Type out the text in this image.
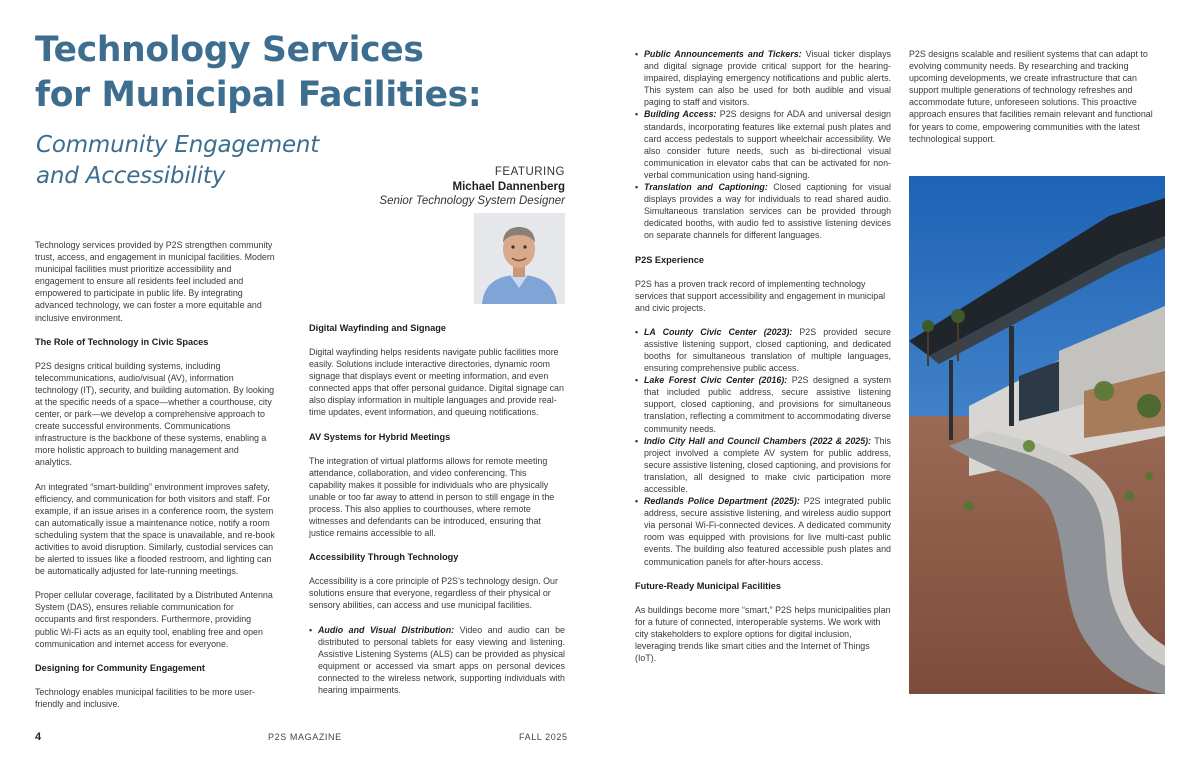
Technology Services
for Municipal Facilities:
Community Engagement
and Accessibility	FEATURING
Michael Dannenberg
Senior Technology System Designer

Technology services provided by P2S strengthen community trust, access, and engagement in municipal facilities. Modern municipal facilities must prioritize accessibility and engagement to ensure all residents feel included and empowered to participate in public life. By integrating advanced technology, we can foster a more equitable and inclusive environment.

The Role of Technology in Civic Spaces

P2S designs critical building systems, including telecommunications, audio/visual (AV), information technology (IT), security, and building automation. By looking at the specific needs of a space—whether a courthouse, city center, or park—we develop a comprehensive approach to create successful environments. Communications infrastructure is the backbone of these systems, enabling a more holistic approach to building management and analytics.

An integrated “smart-building” environment improves safety, efficiency, and communication for both visitors and staff. For example, if an issue arises in a conference room, the system can automatically issue a maintenance notice, notify a room scheduling system that the space is unavailable, and re-book activities to avoid disruption. Similarly, custodial services can be alerted to issues like a flooded restroom, and lighting can be automatically adjusted for late-running meetings.

Proper cellular coverage, facilitated by a Distributed Antenna System (DAS), ensures reliable communication for occupants and first responders. Furthermore, providing public Wi-Fi acts as an equity tool, enabling free and open communication and internet access for everyone.

Designing for Community Engagement

Technology enables municipal facilities to be more user-friendly and inclusive.

Digital Wayfinding and Signage

Digital wayfinding helps residents navigate public facilities more easily. Solutions include interactive directories, dynamic room signage that displays event or meeting information, and even connected apps that offer personal guidance. Digital signage can also display information in multiple languages and provide real-time updates, event information, and queuing notifications.

AV Systems for Hybrid Meetings

The integration of virtual platforms allows for remote meeting attendance, collaboration, and video conferencing. This capability makes it possible for individuals who are physically unable or too far away to attend in person to still engage in the process. This also applies to courthouses, where remote witnesses and defendants can be introduced, ensuring that justice remains accessible to all.

Accessibility Through Technology

Accessibility is a core principle of P2S’s technology design. Our solutions ensure that everyone, regardless of their physical or sensory abilities, can access and use municipal facilities.

• Audio and Visual Distribution: Video and audio can be distributed to personal tablets for easy viewing and listening. Assistive Listening Systems (ALS) can be provided as physical equipment or accessed via smart apps on personal devices connected to the wireless network, supporting individuals with hearing impairments.
• Public Announcements and Tickers: Visual ticker displays and digital signage provide critical support for the hearing-impaired, displaying emergency notifications and public alerts. This system can also be used for both audible and visual paging to staff and visitors.
• Building Access: P2S designs for ADA and universal design standards, incorporating features like external push plates and card access pedestals to support wheelchair accessibility. We also consider future needs, such as bi-directional visual communication in elevator cabs that can be activated for non-verbal communication using hand-signing.
• Translation and Captioning: Closed captioning for visual displays provides a way for individuals to read shared audio. Simultaneous translation services can be provided through dedicated booths, with audio fed to assistive listening devices on separate channels for different languages.
P2S Experience

P2S has a proven track record of implementing technology services that support accessibility and engagement in municipal and civic projects.

• LA County Civic Center (2023): P2S provided secure assistive listening support, closed captioning, and dedicated booths for simultaneous translation of multiple languages, ensuring comprehensive public access.
• Lake Forest Civic Center (2016): P2S designed a system that included public address, secure assistive listening support, closed captioning, and provisions for simultaneous translation, reflecting a commitment to accommodating diverse community needs.
• Indio City Hall and Council Chambers (2022 & 2025): This project involved a complete AV system for public address, secure assistive listening, closed captioning, and provisions for translation, all designed to make civic participation more accessible.
• Redlands Police Department (2025): P2S integrated public address, secure assistive listening, and wireless audio support via personal Wi-Fi-connected devices. A dedicated community room was equipped with provisions for live multi-cast public events. The building also featured accessible push plates and communication panels for after-hours access.
Future-Ready Municipal Facilities

As buildings become more “smart,” P2S helps municipalities plan for a future of connected, interoperable systems. We work with city stakeholders to explore options for digital inclusion, leveraging trends like smart cities and the Internet of Things (IoT).

P2S designs scalable and resilient systems that can adapt to evolving community needs. By researching and tracking upcoming developments, we create infrastructure that can support multiple generations of technology refreshes and accommodate future, unforeseen solutions. This proactive approach ensures that facilities remain relevant and functional for years to come, empowering communities with the latest technological support.

4	P2S MAGAZINE	FALL 2025
